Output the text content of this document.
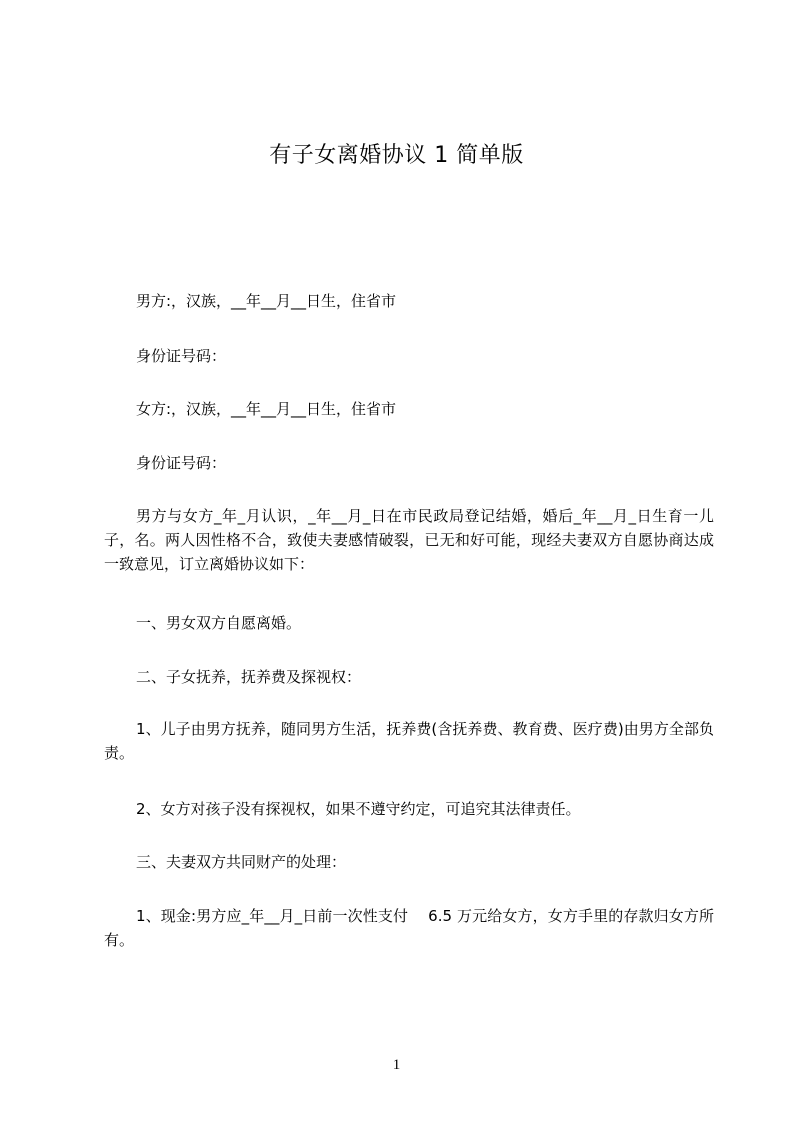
有子女离婚协议 1 简单版
男方:，汉族，__年__月__日生，住省市
身份证号码：
女方:，汉族，__年__月__日生，住省市
身份证号码：
男方与女方_年_月认识，_年__月_日在市民政局登记结婚，婚后_年__月_日生育一儿子，名。两人因性格不合，致使夫妻感情破裂，已无和好可能，现经夫妻双方自愿协商达成一致意见，订立离婚协议如下：
一、男女双方自愿离婚。
二、子女抚养，抚养费及探视权：
1、儿子由男方抚养，随同男方生活，抚养费(含抚养费、教育费、医疗费)由男方全部负责。
2、女方对孩子没有探视权，如果不遵守约定，可追究其法律责任。
三、夫妻双方共同财产的处理：
1、现金:男方应_年__月_日前一次性支付　 6.5 万元给女方，女方手里的存款归女方所有。
1
